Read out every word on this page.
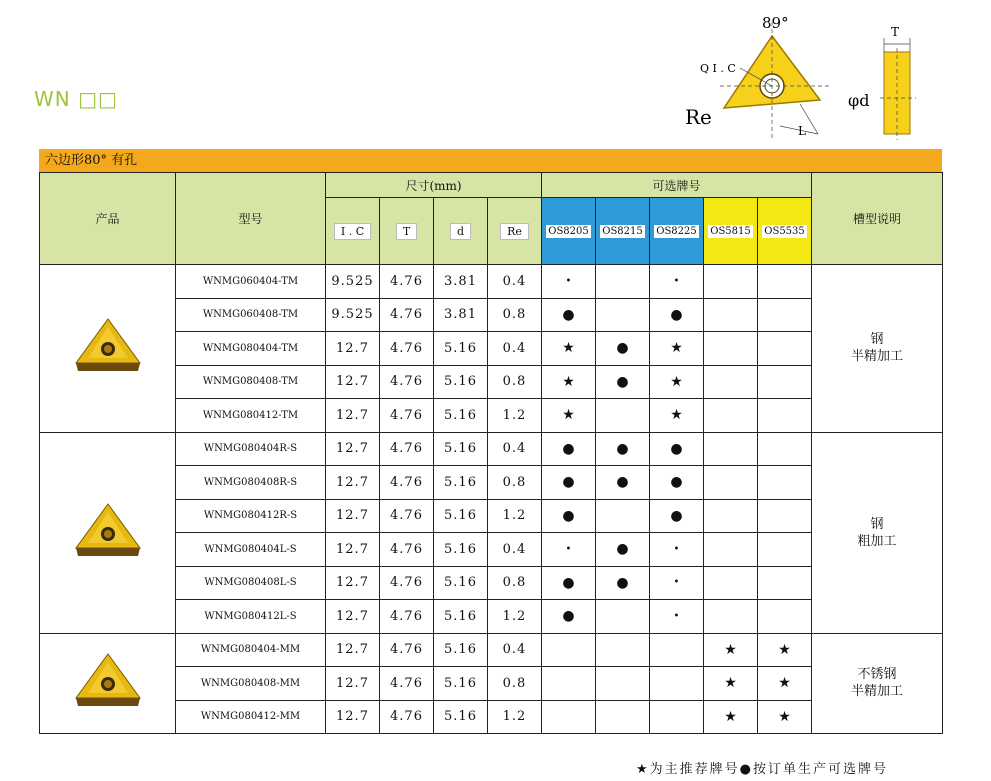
WN □□
89°
Q I . C
Re
L
T
φd
六边形80° 有孔
产品	型号	尺寸(mm)				可选牌号					槽型说明
		I . C	T	d	Re	OS8205	OS8215	OS8225	OS5815	OS5535	

	WNMG060404-TM	9.525	4.76	3.81	0.4	•		•			钢
半精加工
	WNMG060408-TM	9.525	4.76	3.81	0.8	●		●			
	WNMG080404-TM	12.7	4.76	5.16	0.4	★	●	★			
	WNMG080408-TM	12.7	4.76	5.16	0.8	★	●	★			
	WNMG080412-TM	12.7	4.76	5.16	1.2	★		★			

	WNMG080404R-S	12.7	4.76	5.16	0.4	●	●	●			钢
粗加工
	WNMG080408R-S	12.7	4.76	5.16	0.8	●	●	●			
	WNMG080412R-S	12.7	4.76	5.16	1.2	●		●			
	WNMG080404L-S	12.7	4.76	5.16	0.4	•	●	•			
	WNMG080408L-S	12.7	4.76	5.16	0.8	●	●	•			
	WNMG080412L-S	12.7	4.76	5.16	1.2	●		•			

	WNMG080404-MM	12.7	4.76	5.16	0.4				★	★	不锈钢
半精加工
	WNMG080408-MM	12.7	4.76	5.16	0.8				★	★	
	WNMG080412-MM	12.7	4.76	5.16	1.2				★	★	
★为主推荐牌号●按订单生产可选牌号
